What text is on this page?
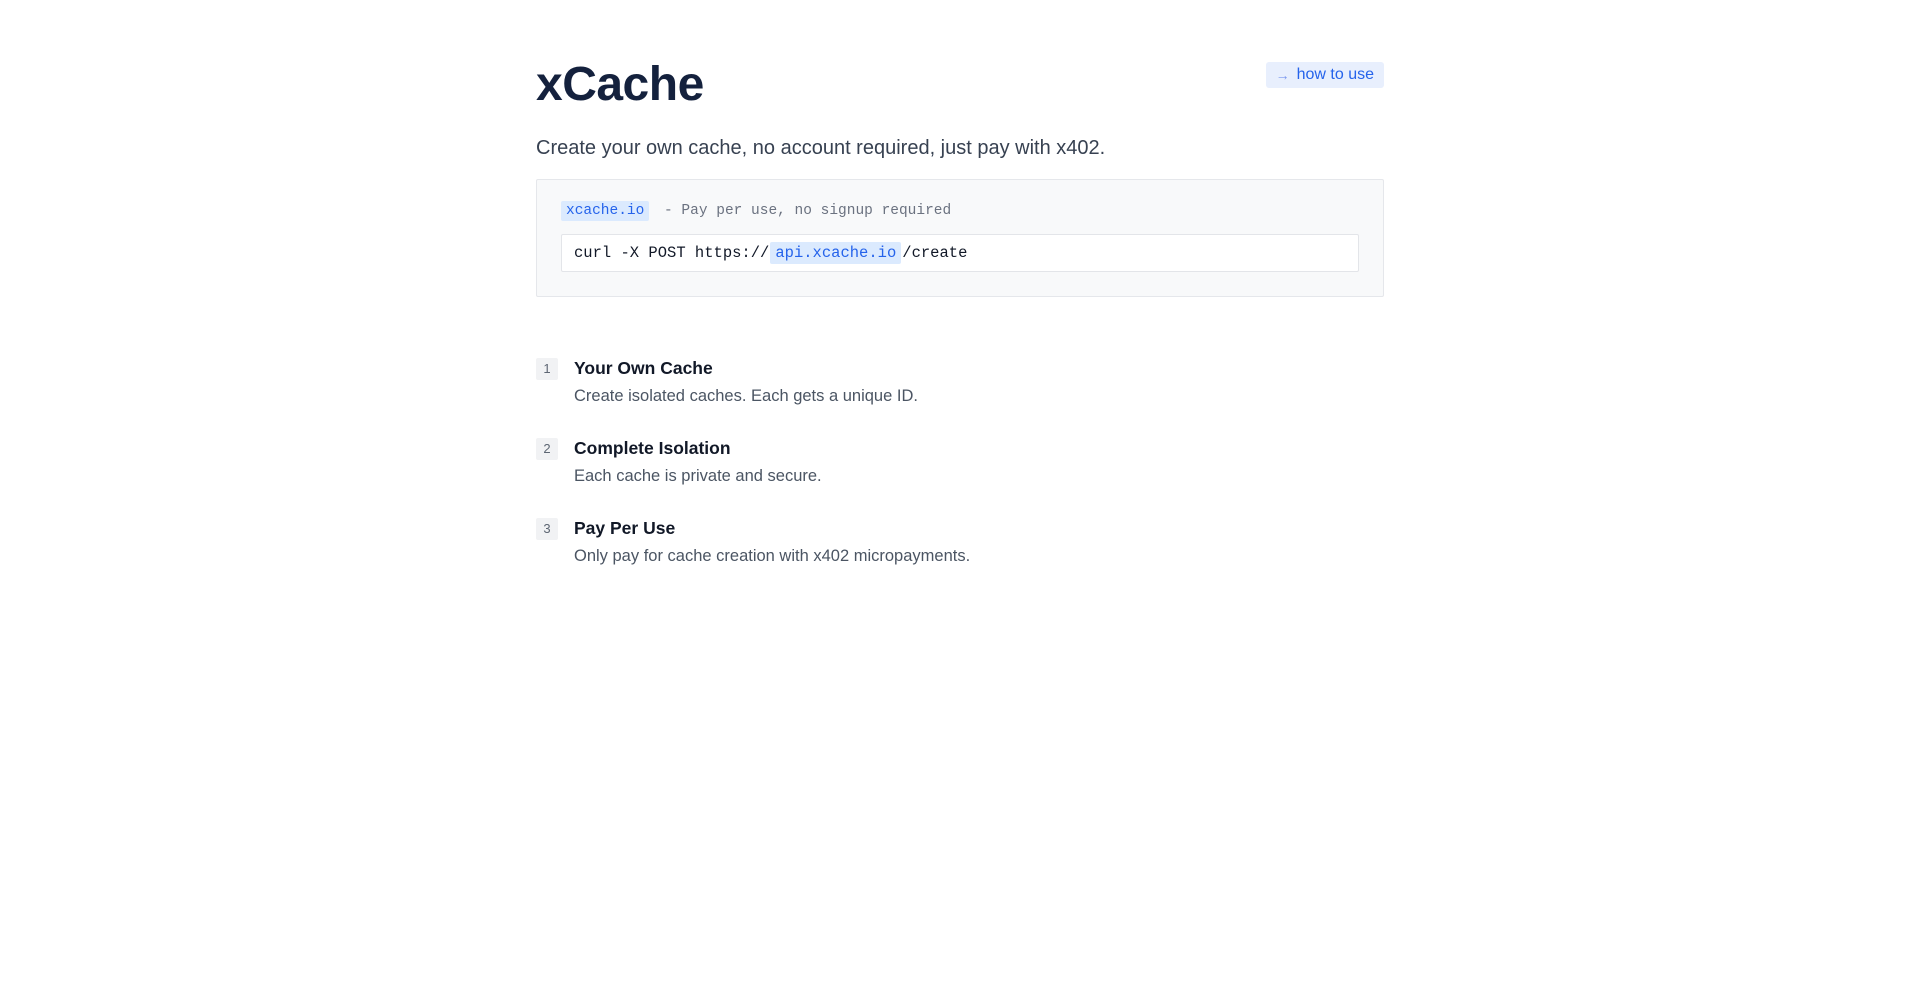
xCache	→ how to use

Create your own cache, no account required, just pay with x402.

xcache.io - Pay per use, no signup required
curl -X POST https:// api.xcache.io /create
1	Your Own Cache
Create isolated caches. Each gets a unique ID.
2	Complete Isolation
Each cache is private and secure.
3	Pay Per Use
Only pay for cache creation with x402 micropayments.
